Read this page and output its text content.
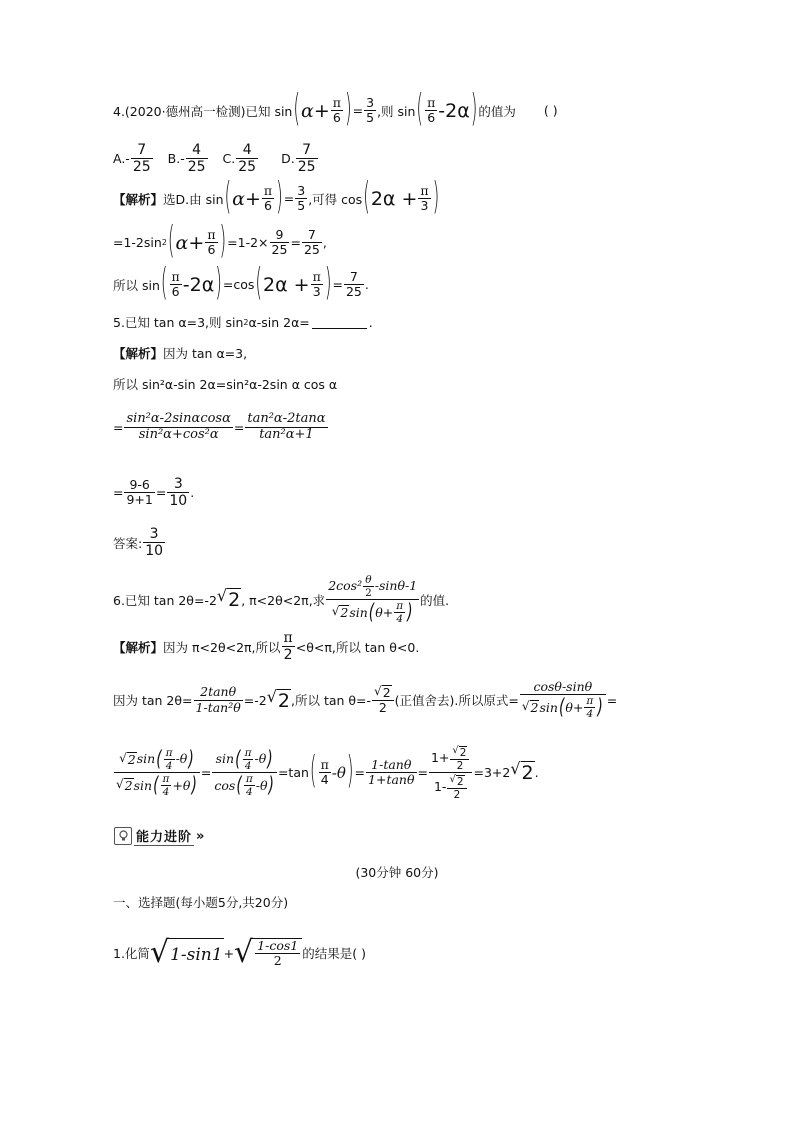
4.(2020·德州高一检测)已知 sin ( $\alpha + \frac{\pi}{6}$ ) = $\frac{3}{5}$ ,则 sin ( $\frac{\pi}{6} -2\alpha$ ) 的值为 ( )
$A.- \frac{7}{25} B.- \frac{4}{25} C$. $\frac{4}{25} D$. $\frac{7}{25}$
【解析】 选D.由 sin ( $\alpha + \frac{\pi}{6}$ ) = $\frac{3}{5}$ ,可得 cos ( $2\alpha + \frac{\pi}{3}$ )
=1-2sin 2 ( $\alpha + \frac{\pi}{6}$ ) $=1-2\times \frac{9}{25} = \frac{7}{25}$ ,
所以 sin ( $\frac{\pi}{6} -2\alpha$ ) =cos ( $2\alpha + \frac{\pi}{3}$ ) = $\frac{7}{25}$ .
5.已知 tan α=3,则 sin 2 α-sin 2α=	.
【解析】 因为 tan α=3,
所以 sin²α-sin 2α=sin²α-2sin α cos α
= $\frac{\text{sin²α-2sinαcosα}}{\text{sin²α+cos²α}} = \frac{\text{tan²α-2tanα}}{\text{tan²α+1}}$
= $\frac{9-6}{9+1} = \frac{3}{10}$ .
答案: $\frac{3}{10}$
6.已知 tan 2θ=-2 √ 2 , π<2θ<2π,求 $\frac{2\cos^2 \frac{\theta}{2} -\sin\theta-1}{√ 2 \sin ( \theta + \frac{\pi}{4} )}$ 的值.
【解析】 因为 π<2θ<2π,所以 $\frac{\pi}{2} <\theta<\pi$,所以 tan θ<0.
因为 $\tan 2\theta= \frac{2\tan\theta}{\text{1-tan²θ}} =-2$ √ 2 ,所以 $\tan \theta=- \frac{√ 2}{2}$ (正值舍去).所以原式= $\frac{\cos\theta-\sin\theta}{√ 2 \sin ( \theta + \frac{\pi}{4} )}$ =
$\frac{√ 2 \sin ( \frac{\pi}{4} -\theta )}{√ 2 \sin ( \frac{\pi}{4} +\theta )} = \frac{\sin ( \frac{\pi}{4} -\theta )}{\cos ( \frac{\pi}{4} -\theta )} =\tan$ ( $\frac{\pi}{4} -\theta$ ) = $\frac{1-\tan\theta}{1+\tan\theta} = \frac{1+ \frac{√ 2}{2}}{1- \frac{√ 2}{2}} =3+2$ √ 2 .
能力进阶 »
(30分钟 60分)
一、选择题(每小题5分,共20分)
1.化简 √ 1-sin1 + √ $\frac{1-\cos 1}{2}$ 的结果是( )
